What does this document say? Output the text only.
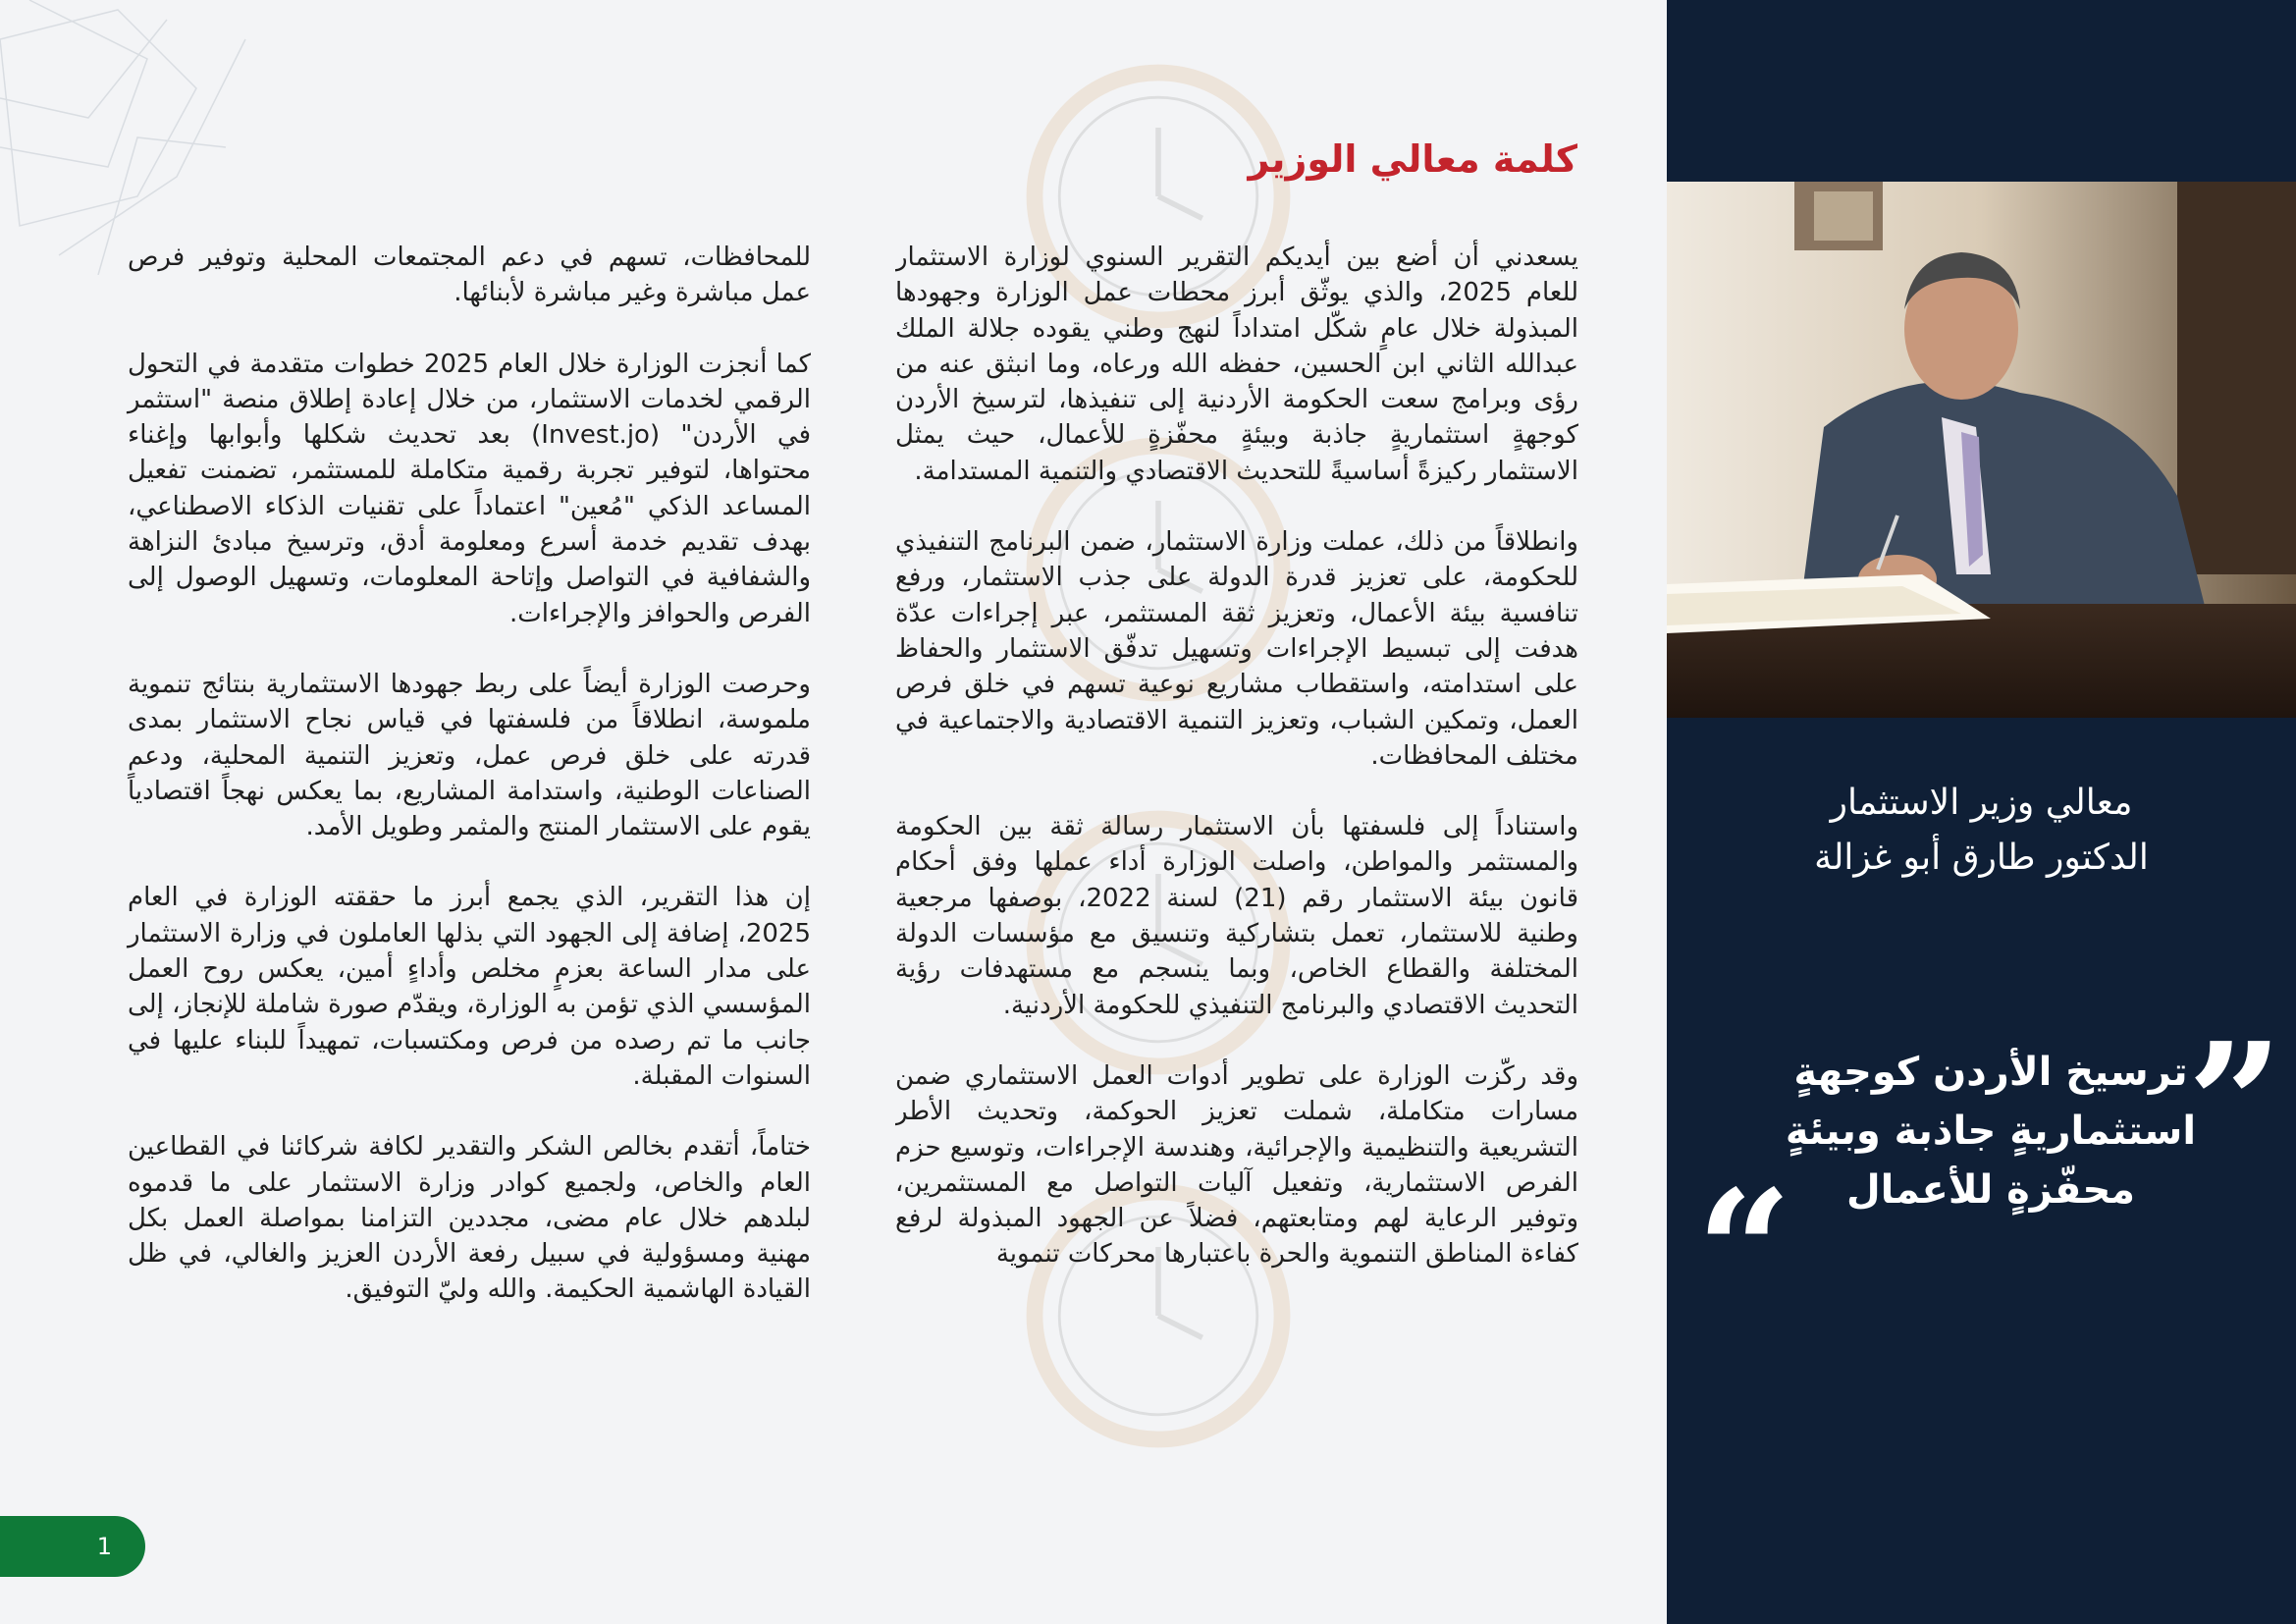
معالي وزير الاستثمار
الدكتور طارق أبو غزالة
”
ترسيخ الأردن كوجهةٍ
استثماريةٍ جاذبة وبيئةٍ
محفّزةٍ للأعمال
“
كلمة معالي الوزير

يسعدني أن أضع بين أيديكم التقرير السنوي لوزارة الاستثمار للعام 2025، والذي يوثّق أبرز محطات عمل الوزارة وجهودها المبذولة خلال عامٍ شكّل امتداداً لنهج وطني يقوده جلالة الملك عبدالله الثاني ابن الحسين، حفظه الله ورعاه، وما انبثق عنه من رؤى وبرامج سعت الحكومة الأردنية إلى تنفيذها، لترسيخ الأردن كوجهةٍ استثماريةٍ جاذبة وبيئةٍ محفّزةٍ للأعمال، حيث يمثل الاستثمار ركيزةً أساسيةً للتحديث الاقتصادي والتنمية المستدامة.

وانطلاقاً من ذلك، عملت وزارة الاستثمار، ضمن البرنامج التنفيذي للحكومة، على تعزيز قدرة الدولة على جذب الاستثمار، ورفع تنافسية بيئة الأعمال، وتعزيز ثقة المستثمر، عبر إجراءات عدّة هدفت إلى تبسيط الإجراءات وتسهيل تدفّق الاستثمار والحفاظ على استدامته، واستقطاب مشاريع نوعية تسهم في خلق فرص العمل، وتمكين الشباب، وتعزيز التنمية الاقتصادية والاجتماعية في مختلف المحافظات.

واستناداً إلى فلسفتها بأن الاستثمار رسالة ثقة بين الحكومة والمستثمر والمواطن، واصلت الوزارة أداء عملها وفق أحكام قانون بيئة الاستثمار رقم (21) لسنة 2022، بوصفها مرجعية وطنية للاستثمار، تعمل بتشاركية وتنسيق مع مؤسسات الدولة المختلفة والقطاع الخاص، وبما ينسجم مع مستهدفات رؤية التحديث الاقتصادي والبرنامج التنفيذي للحكومة الأردنية.

وقد ركّزت الوزارة على تطوير أدوات العمل الاستثماري ضمن مسارات متكاملة، شملت تعزيز الحوكمة، وتحديث الأطر التشريعية والتنظيمية والإجرائية، وهندسة الإجراءات، وتوسيع حزم الفرص الاستثمارية، وتفعيل آليات التواصل مع المستثمرين، وتوفير الرعاية لهم ومتابعتهم، فضلاً عن الجهود المبذولة لرفع كفاءة المناطق التنموية والحرة باعتبارها محركات تنموية

للمحافظات، تسهم في دعم المجتمعات المحلية وتوفير فرص عمل مباشرة وغير مباشرة لأبنائها.

كما أنجزت الوزارة خلال العام 2025 خطوات متقدمة في التحول الرقمي لخدمات الاستثمار، من خلال إعادة إطلاق منصة "استثمر في الأردن" (Invest.jo) بعد تحديث شكلها وأبوابها وإغناء محتواها، لتوفير تجربة رقمية متكاملة للمستثمر، تضمنت تفعيل المساعد الذكي "مُعين" اعتماداً على تقنيات الذكاء الاصطناعي، بهدف تقديم خدمة أسرع ومعلومة أدق، وترسيخ مبادئ النزاهة والشفافية في التواصل وإتاحة المعلومات، وتسهيل الوصول إلى الفرص والحوافز والإجراءات.

وحرصت الوزارة أيضاً على ربط جهودها الاستثمارية بنتائج تنموية ملموسة، انطلاقاً من فلسفتها في قياس نجاح الاستثمار بمدى قدرته على خلق فرص عمل، وتعزيز التنمية المحلية، ودعم الصناعات الوطنية، واستدامة المشاريع، بما يعكس نهجاً اقتصادياً يقوم على الاستثمار المنتج والمثمر وطويل الأمد.

إن هذا التقرير، الذي يجمع أبرز ما حققته الوزارة في العام 2025، إضافة إلى الجهود التي بذلها العاملون في وزارة الاستثمار على مدار الساعة بعزمٍ مخلص وأداءٍ أمين، يعكس روح العمل المؤسسي الذي تؤمن به الوزارة، ويقدّم صورة شاملة للإنجاز، إلى جانب ما تم رصده من فرص ومكتسبات، تمهيداً للبناء عليها في السنوات المقبلة.

ختاماً، أتقدم بخالص الشكر والتقدير لكافة شركائنا في القطاعين العام والخاص، ولجميع كوادر وزارة الاستثمار على ما قدموه لبلدهم خلال عام مضى، مجددين التزامنا بمواصلة العمل بكل مهنية ومسؤولية في سبيل رفعة الأردن العزيز والغالي، في ظل القيادة الهاشمية الحكيمة. والله وليّ التوفيق.

1
